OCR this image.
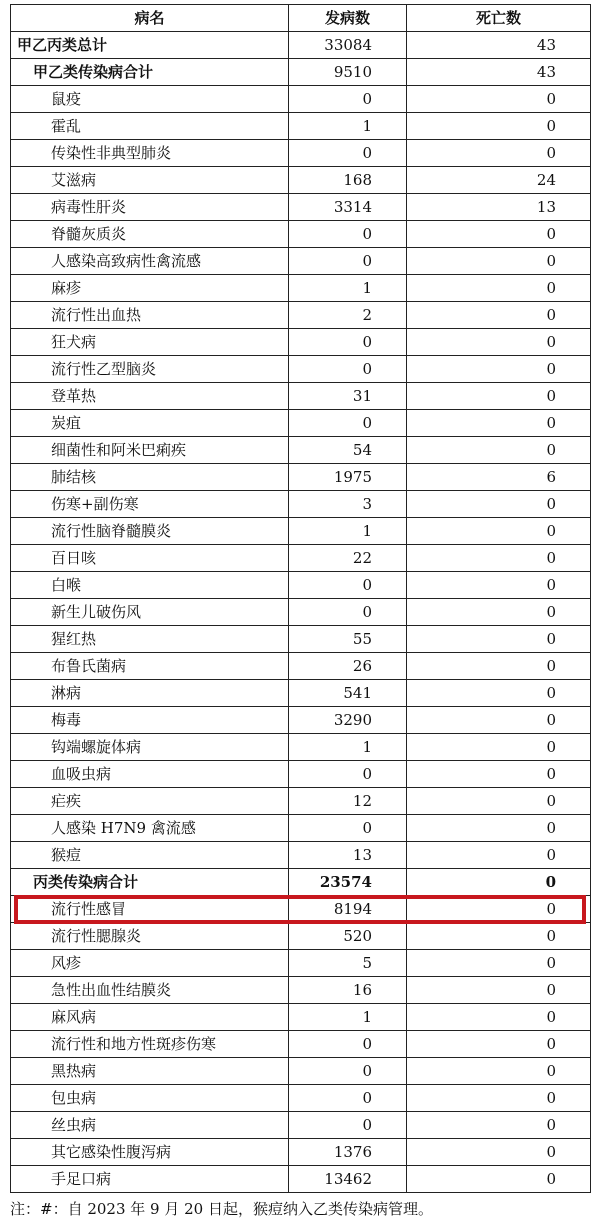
病名	发病数	死亡数
甲乙丙类总计	33084	43
甲乙类传染病合计	9510	43
鼠疫	0	0
霍乱	1	0
传染性非典型肺炎	0	0
艾滋病	168	24
病毒性肝炎	3314	13
脊髓灰质炎	0	0
人感染高致病性禽流感	0	0
麻疹	1	0
流行性出血热	2	0
狂犬病	0	0
流行性乙型脑炎	0	0
登革热	31	0
炭疽	0	0
细菌性和阿米巴痢疾	54	0
肺结核	1975	6
伤寒+副伤寒	3	0
流行性脑脊髓膜炎	1	0
百日咳	22	0
白喉	0	0
新生儿破伤风	0	0
猩红热	55	0
布鲁氏菌病	26	0
淋病	541	0
梅毒	3290	0
钩端螺旋体病	1	0
血吸虫病	0	0
疟疾	12	0
人感染 H7N9 禽流感	0	0
猴痘	13	0
丙类传染病合计	23574	0
流行性感冒	8194	0
流行性腮腺炎	520	0
风疹	5	0
急性出血性结膜炎	16	0
麻风病	1	0
流行性和地方性斑疹伤寒	0	0
黑热病	0	0
包虫病	0	0
丝虫病	0	0
其它感染性腹泻病	1376	0
手足口病	13462	0
注：#：自 2023 年 9 月 20 日起，猴痘纳入乙类传染病管理。
